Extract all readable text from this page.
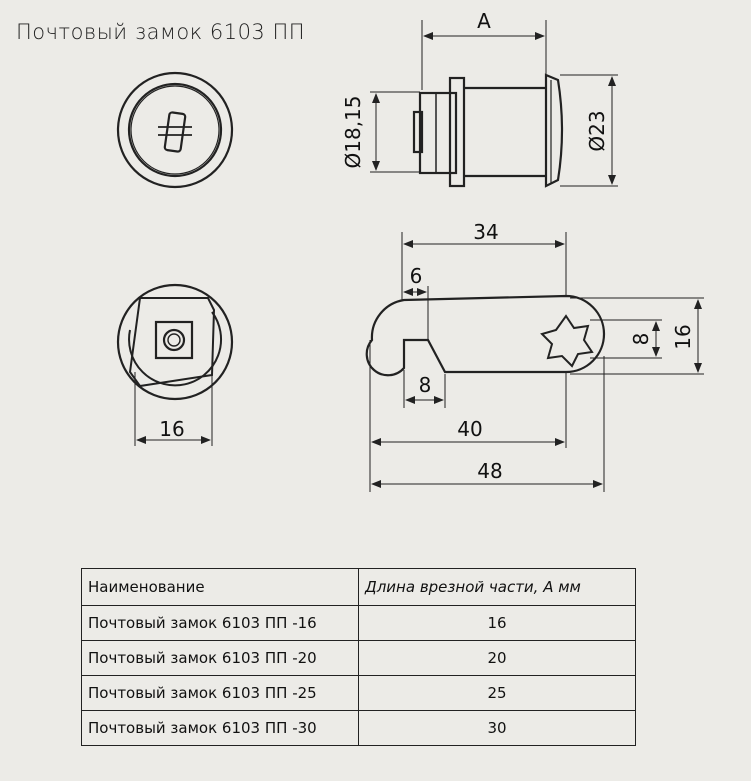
Почтовый замок 6103 ПП
16
A
Ø18,15	Ø23
34
6
8
8 16
40
48
Наименование	Длина врезной части, А мм
Почтовый замок 6103 ПП -16	16
Почтовый замок 6103 ПП -20	20
Почтовый замок 6103 ПП -25	25
Почтовый замок 6103 ПП -30	30
